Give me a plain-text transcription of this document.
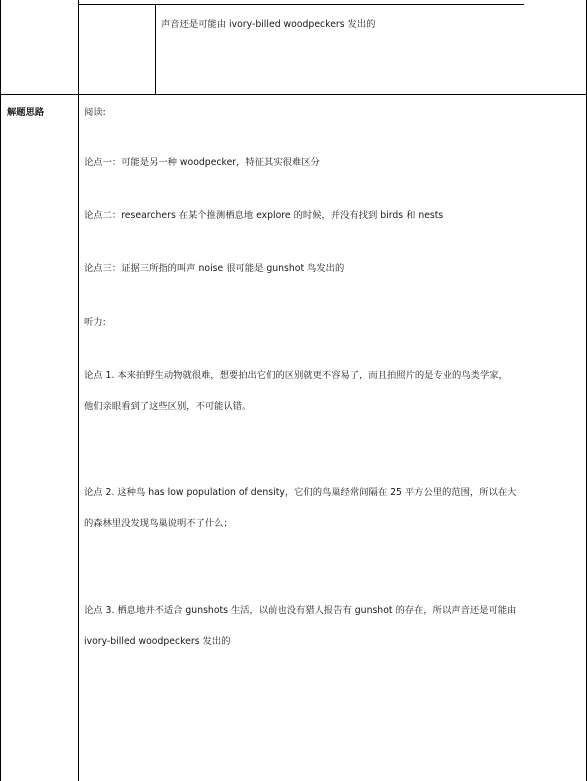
声音还是可能由 ivory-billed woodpeckers 发出的
解题思路	阅读:
论点一：可能是另一种 woodpecker，特征其实很难区分
论点二：researchers 在某个推测栖息地 explore 的时候，并没有找到 birds 和 nests
论点三：证据三所指的叫声 noise 很可能是 gunshot 鸟发出的
听力:
论点 1. 本来拍野生动物就很难，想要拍出它们的区别就更不容易了，而且拍照片的是专业的鸟类学家，
他们亲眼看到了这些区别，不可能认错。
论点 2. 这种鸟 has low population of density，它们的鸟巢经常间隔在 25 平方公里的范围，所以在大
的森林里没发现鸟巢说明不了什么；
论点 3. 栖息地并不适合 gunshots 生活，以前也没有猎人报告有 gunshot 的存在，所以声音还是可能由
ivory-billed woodpeckers 发出的
